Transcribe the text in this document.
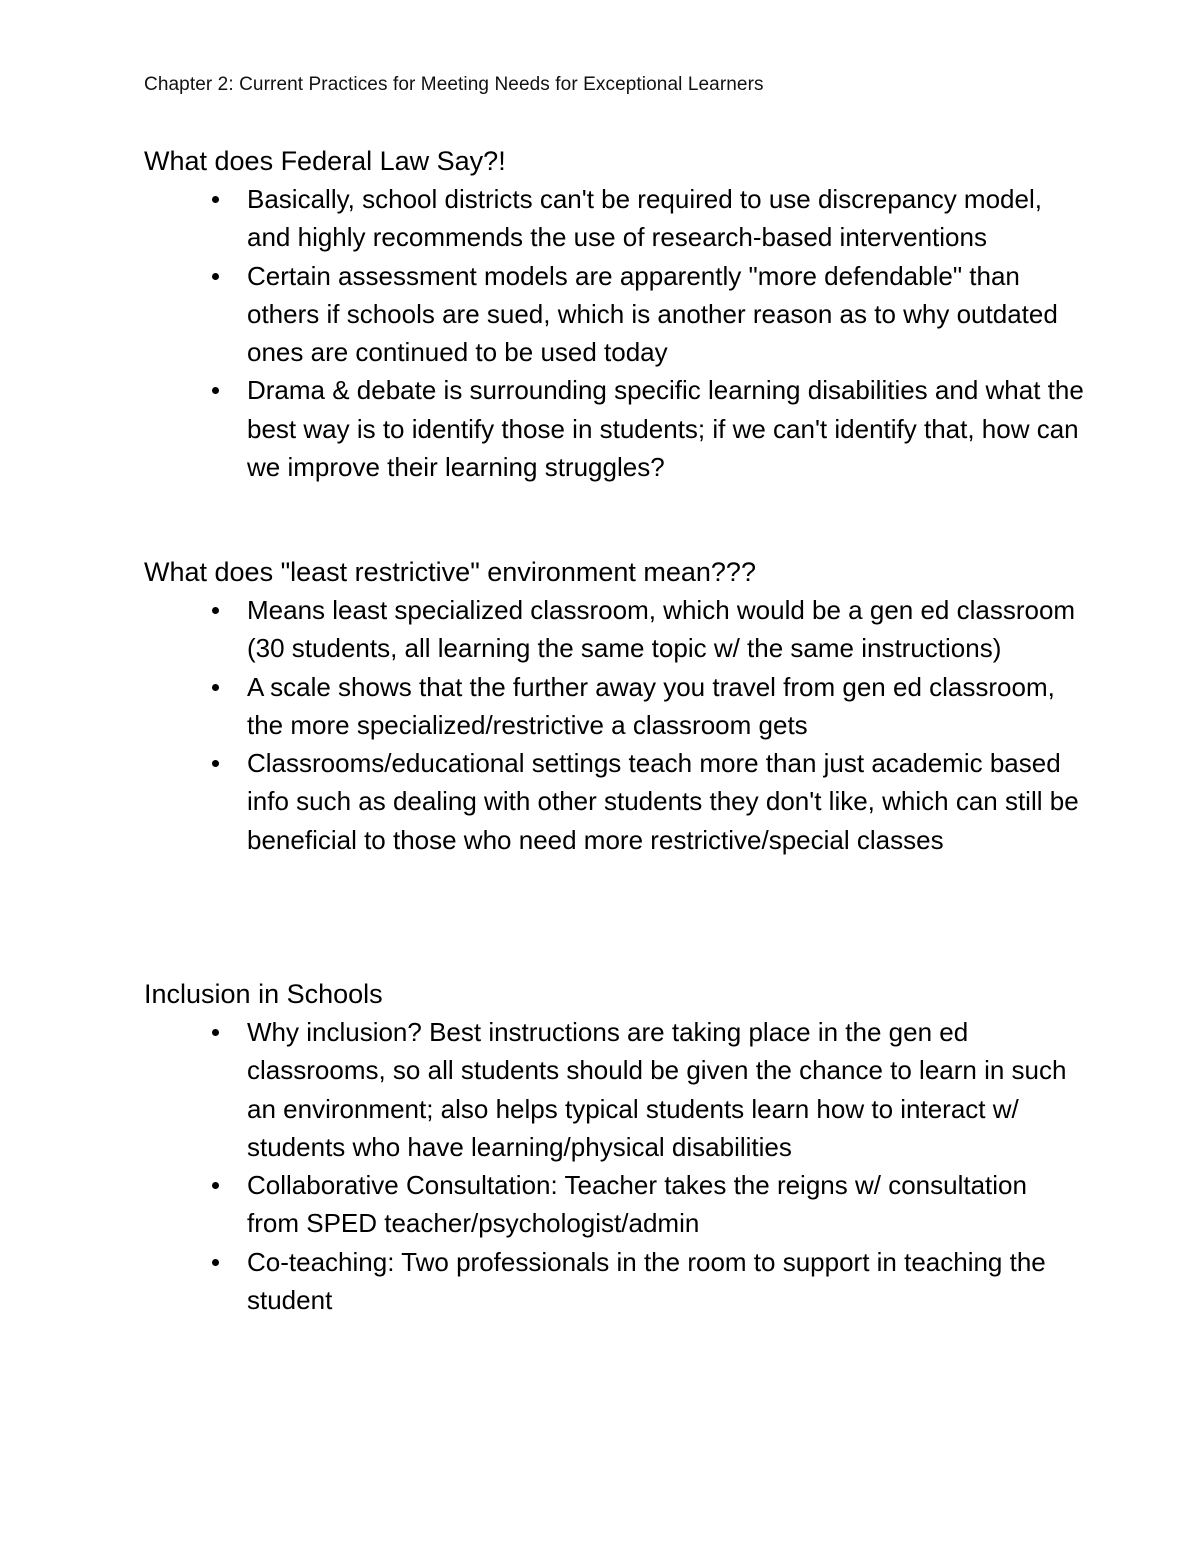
Chapter 2: Current Practices for Meeting Needs for Exceptional Learners
What does Federal Law Say?!
Basically, school districts can't be required to use discrepancy model, and highly recommends the use of research-based interventions
Certain assessment models are apparently "more defendable" than others if schools are sued, which is another reason as to why outdated ones are continued to be used today
Drama & debate is surrounding specific learning disabilities and what the best way is to identify those in students; if we can't identify that, how can we improve their learning struggles?
What does "least restrictive" environment mean???
Means least specialized classroom, which would be a gen ed classroom (30 students, all learning the same topic w/ the same instructions)
A scale shows that the further away you travel from gen ed classroom, the more specialized/restrictive a classroom gets
Classrooms/educational settings teach more than just academic based info such as dealing with other students they don't like, which can still be beneficial to those who need more restrictive/special classes
Inclusion in Schools
Why inclusion? Best instructions are taking place in the gen ed classrooms, so all students should be given the chance to learn in such an environment; also helps typical students learn how to interact w/ students who have learning/physical disabilities
Collaborative Consultation: Teacher takes the reigns w/ consultation from SPED teacher/psychologist/admin
Co-teaching: Two professionals in the room to support in teaching the student
